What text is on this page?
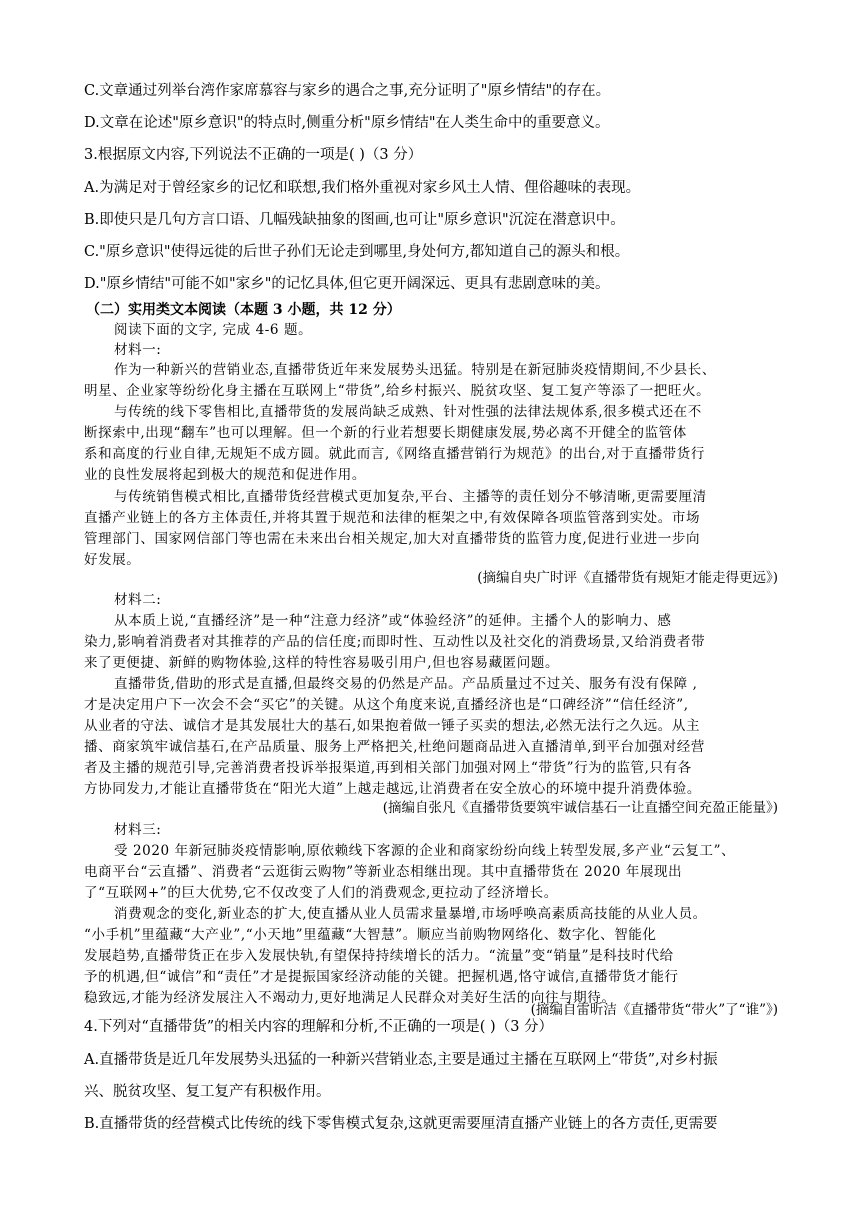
C.文章通过列举台湾作家席慕容与家乡的遇合之事,充分证明了"原乡情结"的存在。
D.文章在论述"原乡意识"的特点时,侧重分析"原乡情结"在人类生命中的重要意义。
3.根据原文内容,下列说法不正确的一项是( )（3 分）
A.为满足对于曾经家乡的记忆和联想,我们格外重视对家乡风土人情、俚俗趣味的表现。
B.即使只是几句方言口语、几幅残缺抽象的图画,也可让"原乡意识"沉淀在潜意识中。
C."原乡意识"使得远徙的后世子孙们无论走到哪里,身处何方,都知道自己的源头和根。
D."原乡情结"可能不如"家乡"的记忆具体,但它更开阔深远、更具有悲剧意味的美。
（二）实用类文本阅读（本题 3 小题，共 12 分）
阅读下面的文字, 完成 4-6 题。
材料一:
作为一种新兴的营销业态,直播带货近年来发展势头迅猛。特别是在新冠肺炎疫情期间,不少县长、
明星、企业家等纷纷化身主播在互联网上“带货”,给乡村振兴、脱贫攻坚、复工复产等添了一把旺火。
与传统的线下零售相比,直播带货的发展尚缺乏成熟、针对性强的法律法规体系,很多模式还在不
断探索中,出现“翻车”也可以理解。但一个新的行业若想要长期健康发展,势必离不开健全的监管体
系和高度的行业自律,无规矩不成方圆。就此而言,《网络直播营销行为规范》的出台,对于直播带货行
业的良性发展将起到极大的规范和促进作用。
与传统销售模式相比,直播带货经营模式更加复杂,平台、主播等的责任划分不够清晰,更需要厘清
直播产业链上的各方主体责任,并将其置于规范和法律的框架之中,有效保障各项监管落到实处。市场
管理部门、国家网信部门等也需在未来出台相关规定,加大对直播带货的监管力度,促进行业进一步向
好发展。
(摘编自央广时评《直播带货有规矩才能走得更远》)
材料二:
从本质上说,“直播经济”是一种“注意力经济”或“体验经济”的延伸。主播个人的影响力、感
染力,影响着消费者对其推荐的产品的信任度;而即时性、互动性以及社交化的消费场景,又给消费者带
来了更便捷、新鲜的购物体验,这样的特性容易吸引用户,但也容易藏匿问题。
直播带货,借助的形式是直播,但最终交易的仍然是产品。产品质量过不过关、服务有没有保障 ,
才是决定用户下一次会不会“买它”的关键。从这个角度来说,直播经济也是“口碑经济”“信任经济”,
从业者的守法、诚信才是其发展壮大的基石,如果抱着做一锤子买卖的想法,必然无法行之久远。从主
播、商家筑牢诚信基石,在产品质量、服务上严格把关,杜绝问题商品进入直播清单,到平台加强对经营
者及主播的规范引导,完善消费者投诉举报渠道,再到相关部门加强对网上“带货”行为的监管,只有各
方协同发力,才能让直播带货在“阳光大道”上越走越远,让消费者在安全放心的环境中提升消费体验。
(摘编自张凡《直播带货要筑牢诚信基石一让直播空间充盈正能量》)
材料三:
受 2020 年新冠肺炎疫情影响,原依赖线下客源的企业和商家纷纷向线上转型发展,多产业“云复工”、
电商平台“云直播”、消费者“云逛街云购物”等新业态相继出现。其中直播带货在 2020 年展现出
了“互联网+”的巨大优势,它不仅改变了人们的消费观念,更拉动了经济增长。
消费观念的变化,新业态的扩大,使直播从业人员需求量暴增,市场呼唤高素质高技能的从业人员。
“小手机”里蕴藏“大产业”,“小天地”里蕴藏“大智慧”。顺应当前购物网络化、数字化、智能化
发展趋势,直播带货正在步入发展快轨,有望保持持续增长的活力。“流量”变“销量”是科技时代给
予的机遇,但“诚信”和“责任”才是提振国家经济动能的关键。把握机遇,恪守诚信,直播带货才能行
稳致远,才能为经济发展注入不竭动力,更好地满足人民群众对美好生活的向往与期待。
(摘编自雷昕洁《直播带货“带火”了“谁”》)
4.下列对“直播带货”的相关内容的理解和分析,不正确的一项是( )（3 分）
A.直播带货是近几年发展势头迅猛的一种新兴营销业态,主要是通过主播在互联网上“带货”,对乡村振
兴、脱贫攻坚、复工复产有积极作用。
B.直播带货的经营模式比传统的线下零售模式复杂,这就更需要厘清直播产业链上的各方责任,更需要
